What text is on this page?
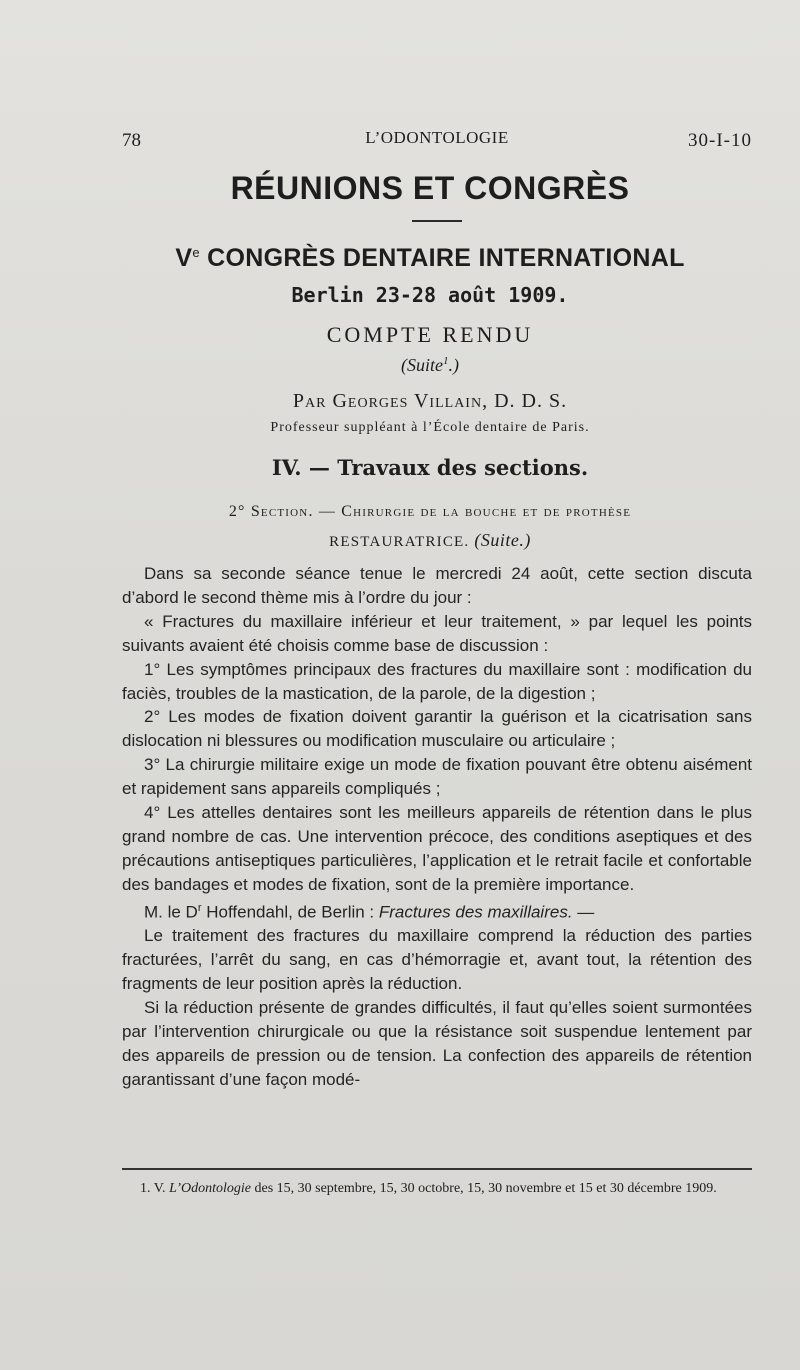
78	L’ODONTOLOGIE	30-I-10
RÉUNIONS ET CONGRÈS
Ve CONGRÈS DENTAIRE INTERNATIONAL
Berlin 23-28 août 1909.
COMPTE RENDU
(Suite$^1$.)
Par Georges Villain, D. D. S.
Professeur suppléant à l’École dentaire de Paris.
IV. — Travaux des sections.
2° Section. — Chirurgie de la bouche et de prothèse
RESTAURATRICE. (Suite.)

Dans sa seconde séance tenue le mercredi 24 août, cette section discuta d’abord le second thème mis à l’ordre du jour :

« Fractures du maxillaire inférieur et leur traitement, » par lequel les points suivants avaient été choisis comme base de discussion :

1° Les symptômes principaux des fractures du maxillaire sont : modification du faciès, troubles de la mastication, de la parole, de la digestion ;

2° Les modes de fixation doivent garantir la guérison et la cicatrisation sans dislocation ni blessures ou modification musculaire ou articulaire ;

3° La chirurgie militaire exige un mode de fixation pouvant être obtenu aisément et rapidement sans appareils compliqués ;

4° Les attelles dentaires sont les meilleurs appareils de rétention dans le plus grand nombre de cas. Une intervention précoce, des conditions aseptiques et des précautions antiseptiques particulières, l’application et le retrait facile et confortable des bandages et modes de fixation, sont de la première importance.

M. le $D^r$ Hoffendahl, de Berlin : Fractures des maxillaires. —

Le traitement des fractures du maxillaire comprend la réduction des parties fracturées, l’arrêt du sang, en cas d’hémorragie et, avant tout, la rétention des fragments de leur position après la réduction.

Si la réduction présente de grandes difficultés, il faut qu’elles soient surmontées par l’intervention chirurgicale ou que la résistance soit suspendue lentement par des appareils de pression ou de tension. La confection des appareils de rétention garantissant d’une façon modé-

1. V. L’Odontologie des 15, 30 septembre, 15, 30 octobre, 15, 30 novembre et 15 et 30 décembre 1909.
